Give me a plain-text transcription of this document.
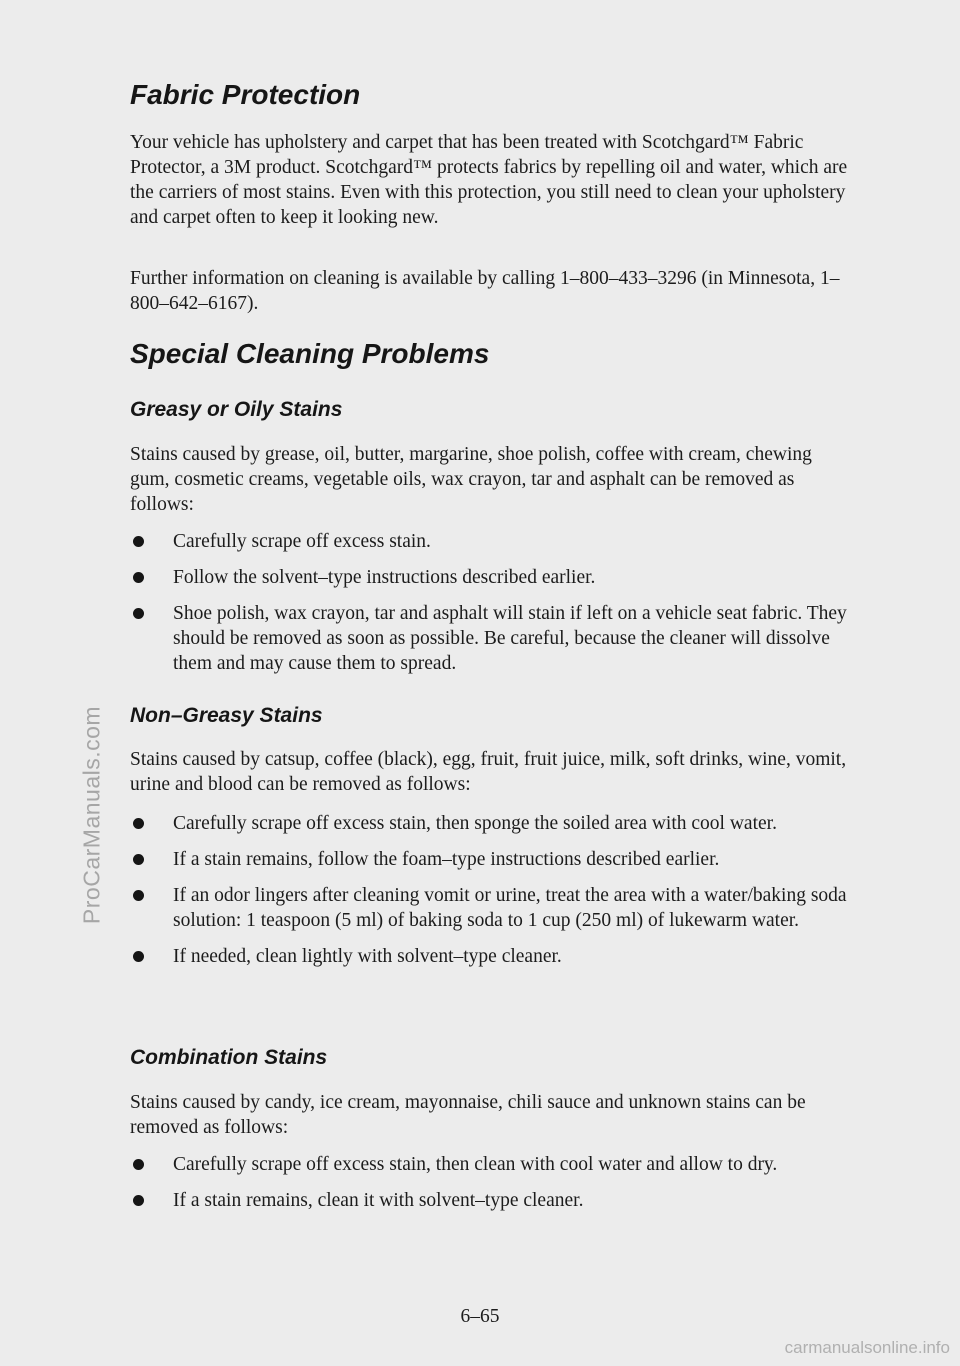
ProCarManuals.com
Fabric Protection

Your vehicle has upholstery and carpet that has been treated with Scotchgard™ Fabric Protector, a 3M product. Scotchgard™ protects fabrics by repelling oil and water, which are the carriers of most stains. Even with this protection, you still need to clean your upholstery and carpet often to keep it looking new.

Further information on cleaning is available by calling 1–800–433–3296 (in Minnesota, 1–800–642–6167).

Special Cleaning Problems
Greasy or Oily Stains

Stains caused by grease, oil, butter, margarine, shoe polish, coffee with cream, chewing gum, cosmetic creams, vegetable oils, wax crayon, tar and asphalt can be removed as follows:

Carefully scrape off excess stain.
Follow the solvent–type instructions described earlier.
Shoe polish, wax crayon, tar and asphalt will stain if left on a vehicle seat fabric. They should be removed as soon as possible. Be careful, because the cleaner will dissolve them and may cause them to spread.
Non–Greasy Stains

Stains caused by catsup, coffee (black), egg, fruit, fruit juice, milk, soft drinks, wine, vomit, urine and blood can be removed as follows:

Carefully scrape off excess stain, then sponge the soiled area with cool water.
If a stain remains, follow the foam–type instructions described earlier.
If an odor lingers after cleaning vomit or urine, treat the area with a water/baking soda solution: 1 teaspoon (5 ml) of baking soda to 1 cup (250 ml) of lukewarm water.
If needed, clean lightly with solvent–type cleaner.
Combination Stains

Stains caused by candy, ice cream, mayonnaise, chili sauce and unknown stains can be removed as follows:

Carefully scrape off excess stain, then clean with cool water and allow to dry.
If a stain remains, clean it with solvent–type cleaner.
6–65
carmanualsonline.info
